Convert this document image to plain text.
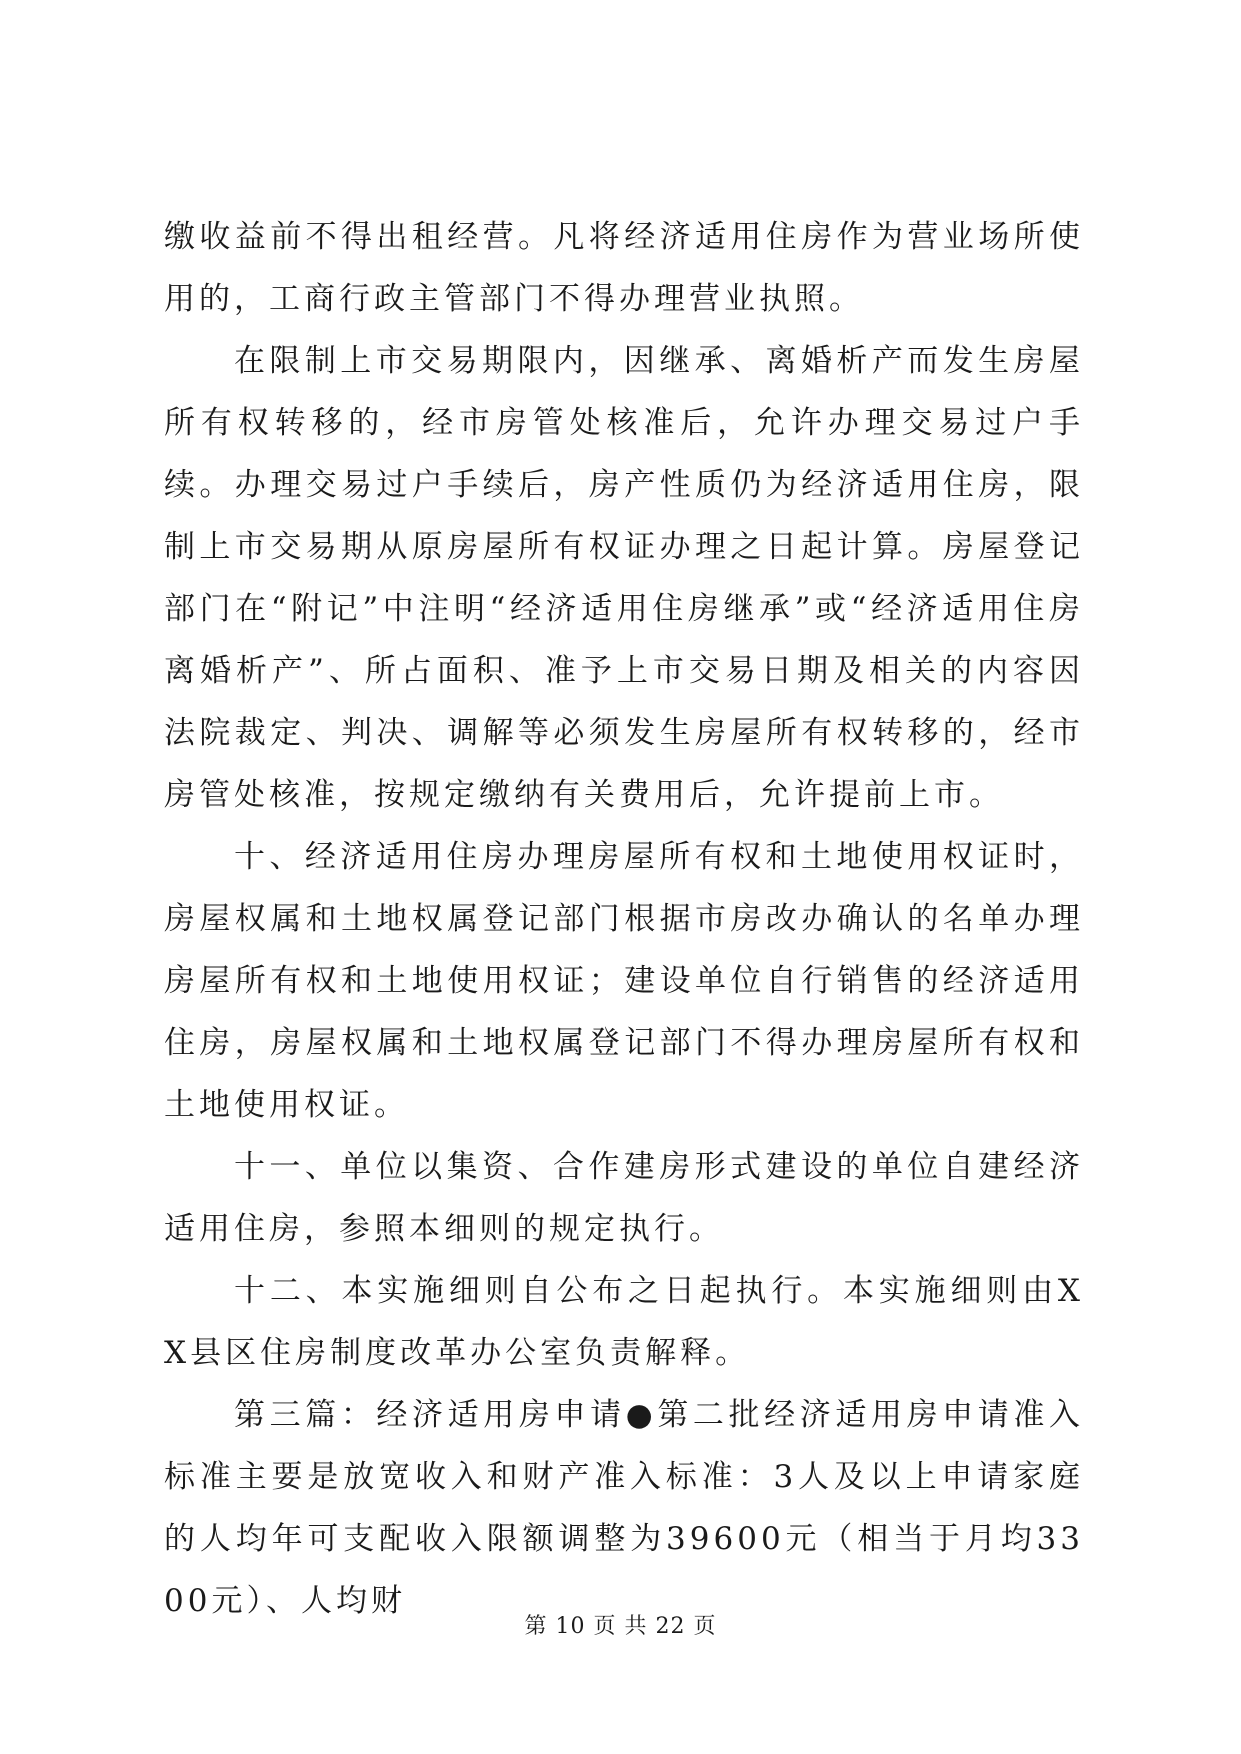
缴收益前不得出租经营。凡将经济适用住房作为营业场所使用的，工商行政主管部门不得办理营业执照。

在限制上市交易期限内，因继承、离婚析产而发生房屋所有权转移的，经市房管处核准后，允许办理交易过户手续。办理交易过户手续后，房产性质仍为经济适用住房，限制上市交易期从原房屋所有权证办理之日起计算。房屋登记部门在“附记”中注明“经济适用住房继承”或“经济适用住房离婚析产”、所占面积、准予上市交易日期及相关的内容因法院裁定、判决、调解等必须发生房屋所有权转移的，经市房管处核准，按规定缴纳有关费用后，允许提前上市。

十、经济适用住房办理房屋所有权和土地使用权证时，房屋权属和土地权属登记部门根据市房改办确认的名单办理房屋所有权和土地使用权证；建设单位自行销售的经济适用住房，房屋权属和土地权属登记部门不得办理房屋所有权和土地使用权证。

十一、单位以集资、合作建房形式建设的单位自建经济适用住房，参照本细则的规定执行。

十二、本实施细则自公布之日起执行。本实施细则由XX县区住房制度改革办公室负责解释。

第三篇：经济适用房申请●第二批经济适用房申请准入标准主要是放宽收入和财产准入标准：3人及以上申请家庭的人均年可支配收入限额调整为39600元（相当于月均3300元）、人均财

第 10 页 共 22 页
